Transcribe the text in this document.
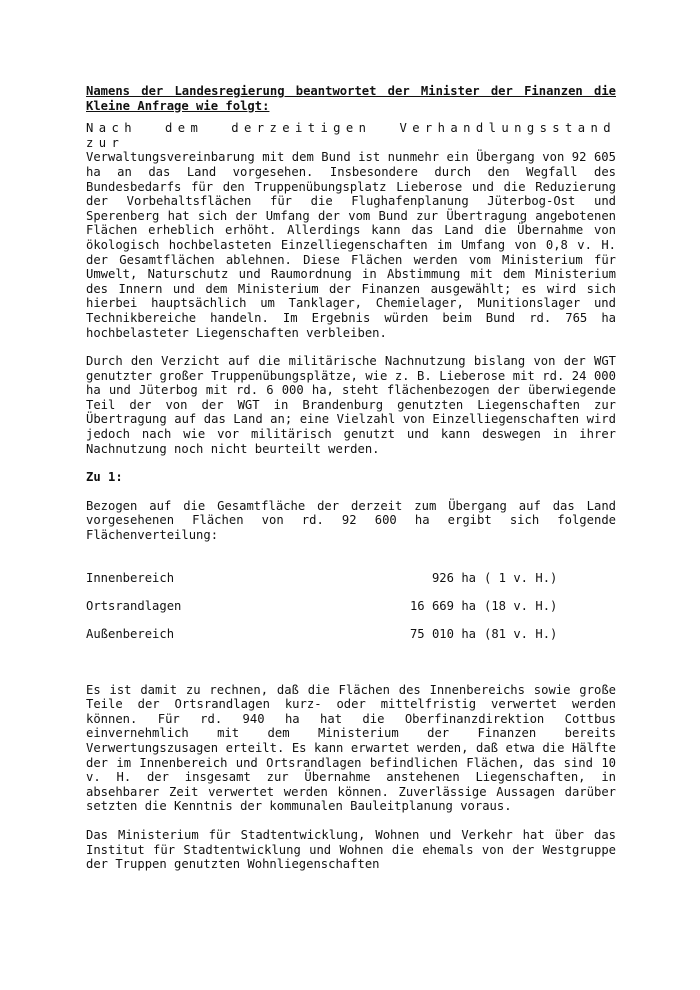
Namens der Landesregierung beantwortet der Minister der Finanzen die Kleine Anfrage wie folgt:
Nach dem derzeitigen Verhandlungsstand zur

Verwaltungsvereinbarung mit dem Bund ist nunmehr ein Übergang von 92 605 ha an das Land vorgesehen. Insbesondere durch den Wegfall des Bundesbedarfs für den Truppenübungsplatz Lieberose und die Reduzierung der Vorbehaltsflächen für die Flughafenplanung Jüterbog-Ost und Sperenberg hat sich der Umfang der vom Bund zur Übertragung angebotenen Flächen erheblich erhöht. Allerdings kann das Land die Übernahme von ökologisch hochbelasteten Einzelliegenschaften im Umfang von 0,8 v. H. der Gesamtflächen ablehnen. Diese Flächen werden vom Ministerium für Umwelt, Naturschutz und Raumordnung in Abstimmung mit dem Ministerium des Innern und dem Ministerium der Finanzen ausgewählt; es wird sich hierbei hauptsächlich um Tanklager, Chemielager, Munitionslager und Technikbereiche handeln. Im Ergebnis würden beim Bund rd. 765 ha hochbelasteter Liegenschaften verbleiben.

Durch den Verzicht auf die militärische Nachnutzung bislang von der WGT genutzter großer Truppenübungsplätze, wie z. B. Lieberose mit rd. 24 000 ha und Jüterbog mit rd. 6 000 ha, steht flächenbezogen der überwiegende Teil der von der WGT in Brandenburg genutzten Liegenschaften zur Übertragung auf das Land an; eine Vielzahl von Einzelliegenschaften wird jedoch nach wie vor militärisch genutzt und kann deswegen in ihrer Nachnutzung noch nicht beurteilt werden.

Zu 1:

Bezogen auf die Gesamtfläche der derzeit zum Übergang auf das Land vorgesehenen Flächen von rd. 92 600 ha ergibt sich folgende Flächenverteilung:

Innenbereich	926 ha	( 1 v. H.)
Ortsrandlagen	16 669 ha	(18 v. H.)
Außenbereich	75 010 ha	(81 v. H.)

Es ist damit zu rechnen, daß die Flächen des Innenbereichs sowie große Teile der Ortsrandlagen kurz- oder mittelfristig verwertet werden können. Für rd. 940 ha hat die Oberfinanzdirektion Cottbus einvernehmlich mit dem Ministerium der Finanzen bereits Verwertungszusagen erteilt. Es kann erwartet werden, daß etwa die Hälfte der im Innenbereich und Ortsrandlagen befindlichen Flächen, das sind 10 v. H. der insgesamt zur Übernahme anstehenen Liegenschaften, in absehbarer Zeit verwertet werden können. Zuverlässige Aussagen darüber setzten die Kenntnis der kommunalen Bauleitplanung voraus.

Das Ministerium für Stadtentwicklung, Wohnen und Verkehr hat über das Institut für Stadtentwicklung und Wohnen die ehemals von der Westgruppe der Truppen genutzten Wohnliegenschaften
